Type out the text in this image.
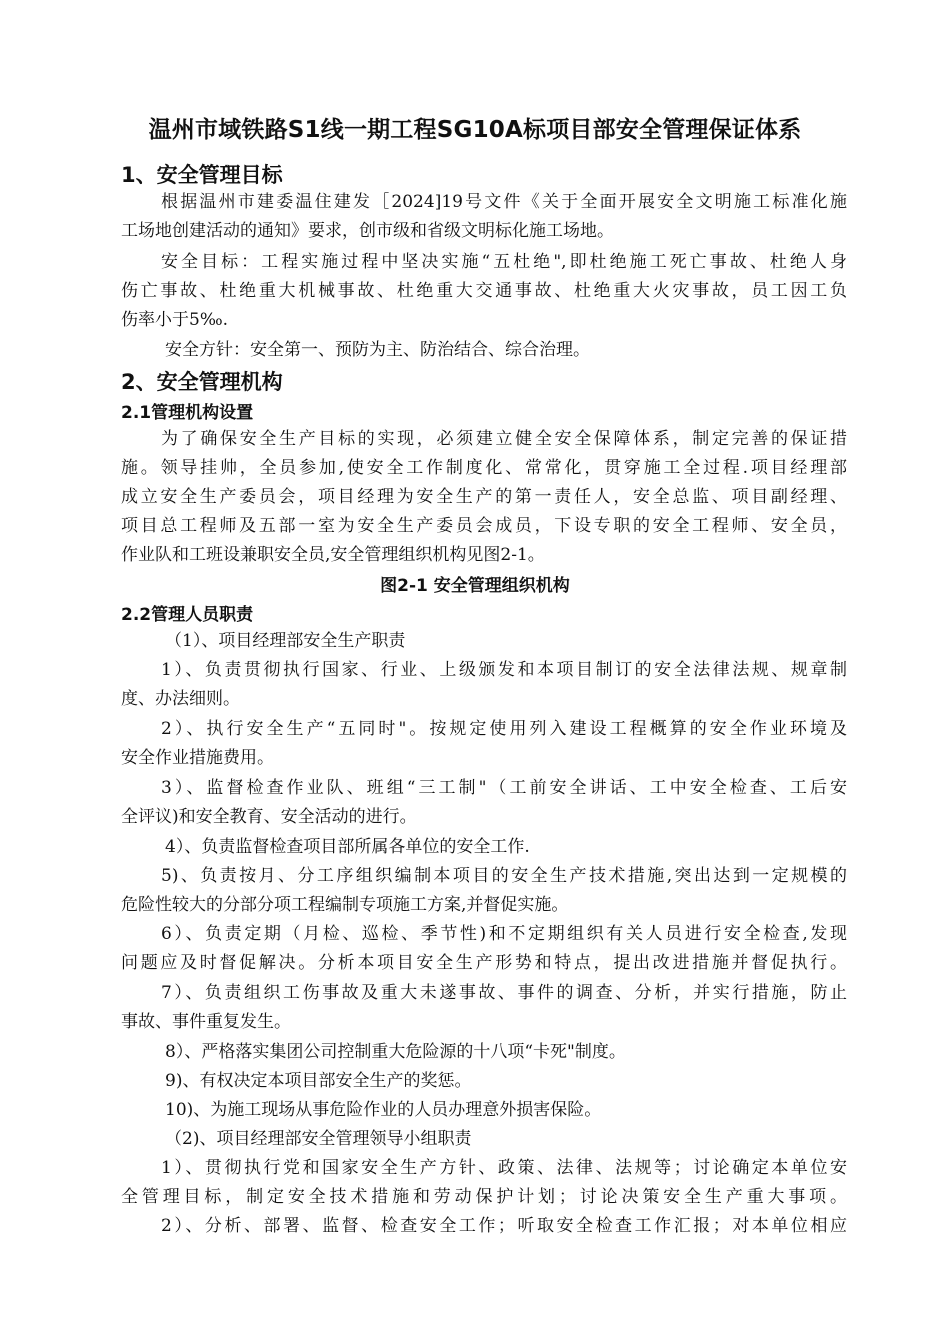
温州市域铁路S1线一期工程SG10A标项目部安全管理保证体系
1、安全管理目标
根据温州市建委温住建发［2024]19号文件《关于全面开展安全文明施工标准化施
工场地创建活动的通知》要求，创市级和省级文明标化施工场地。
安全目标：工程实施过程中坚决实施“五杜绝",即杜绝施工死亡事故、杜绝人身
伤亡事故、杜绝重大机械事故、杜绝重大交通事故、杜绝重大火灾事故，员工因工负
伤率小于5‰.
安全方针：安全第一、预防为主、防治结合、综合治理。
2、安全管理机构
2.1管理机构设置
为了确保安全生产目标的实现，必须建立健全安全保障体系，制定完善的保证措
施。领导挂帅，全员参加,使安全工作制度化、常常化，贯穿施工全过程.项目经理部
成立安全生产委员会，项目经理为安全生产的第一责任人，安全总监、项目副经理、
项目总工程师及五部一室为安全生产委员会成员，下设专职的安全工程师、安全员，
作业队和工班设兼职安全员,安全管理组织机构见图2-1。
图2-1 安全管理组织机构
2.2管理人员职责
（1）、项目经理部安全生产职责
1）、负责贯彻执行国家、行业、上级颁发和本项目制订的安全法律法规、规章制
度、办法细则。
2）、执行安全生产“五同时"。按规定使用列入建设工程概算的安全作业环境及
安全作业措施费用。
3）、监督检查作业队、班组“三工制"（工前安全讲话、工中安全检查、工后安
全评议)和安全教育、安全活动的进行。
4）、负责监督检查项目部所属各单位的安全工作.
5)、负责按月、分工序组织编制本项目的安全生产技术措施,突出达到一定规模的
危险性较大的分部分项工程编制专项施工方案,并督促实施。
6）、负责定期（月检、巡检、季节性)和不定期组织有关人员进行安全检查,发现
问题应及时督促解决。分析本项目安全生产形势和特点，提出改进措施并督促执行。
7）、负责组织工伤事故及重大未遂事故、事件的调查、分析，并实行措施，防止
事故、事件重复发生。
8）、严格落实集团公司控制重大危险源的十八项“卡死"制度。
9)、有权决定本项目部安全生产的奖惩。
10)、为施工现场从事危险作业的人员办理意外损害保险。
（2)、项目经理部安全管理领导小组职责
1）、贯彻执行党和国家安全生产方针、政策、法律、法规等；讨论确定本单位安
全管理目标，制定安全技术措施和劳动保护计划；讨论决策安全生产重大事项。
2）、分析、部署、监督、检查安全工作；听取安全检查工作汇报；对本单位相应
